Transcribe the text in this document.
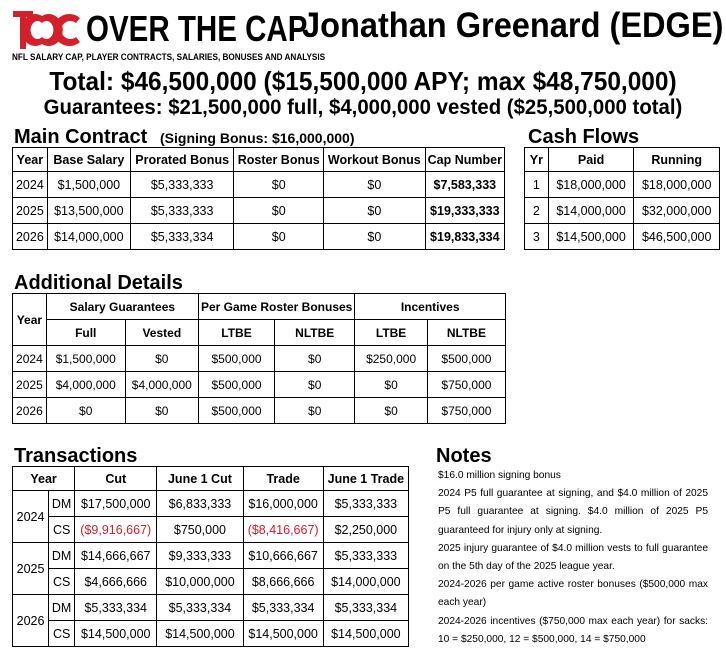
OVER THE CAP
NFL SALARY CAP, PLAYER CONTRACTS, SALARIES, BONUSES AND ANALYSIS
Jonathan Greenard (EDGE)
Total: $46,500,000 ($15,500,000 APY; max $48,750,000)
Guarantees: $21,500,000 full, $4,000,000 vested ($25,500,000 total)
Main Contract (Signing Bonus: $16,000,000)
Year	Base Salary	Prorated Bonus	Roster Bonus	Workout Bonus	Cap Number
2024	$1,500,000	$5,333,333	$0	$0	$7,583,333
2025	$13,500,000	$5,333,333	$0	$0	$19,333,333
2026	$14,000,000	$5,333,334	$0	$0	$19,833,334
Cash Flows
Yr	Paid	Running
1	$18,000,000	$18,000,000
2	$14,000,000	$32,000,000
3	$14,500,000	$46,500,000
Additional Details
Year	Salary Guarantees		Per Game Roster Bonuses		Incentives	
	Full	Vested	LTBE	NLTBE	LTBE	NLTBE
2024	$1,500,000	$0	$500,000	$0	$250,000	$500,000
2025	$4,000,000	$4,000,000	$500,000	$0	$0	$750,000
2026	$0	$0	$500,000	$0	$0	$750,000
Transactions
Year		Cut	June 1 Cut	Trade	June 1 Trade
2024	DM	$17,500,000	$6,833,333	$16,000,000	$5,333,333
	CS	($9,916,667)	$750,000	($8,416,667)	$2,250,000
2025	DM	$14,666,667	$9,333,333	$10,666,667	$5,333,333
	CS	$4,666,666	$10,000,000	$8,666,666	$14,000,000
2026	DM	$5,333,334	$5,333,334	$5,333,334	$5,333,334
	CS	$14,500,000	$14,500,000	$14,500,000	$14,500,000
Notes

$16.0 million signing bonus

2024 P5 full guarantee at signing, and $4.0 million of 2025 P5 full guarantee at signing. $4.0 million of 2025 P5 guaranteed for injury only at signing.

2025 injury guarantee of $4.0 million vests to full guarantee on the 5th day of the 2025 league year.

2024-2026 per game active roster bonuses ($500,000 max each year)

2024-2026 incentives ($750,000 max each year) for sacks: 10 = $250,000, 12 = $500,000, 14 = $750,000
